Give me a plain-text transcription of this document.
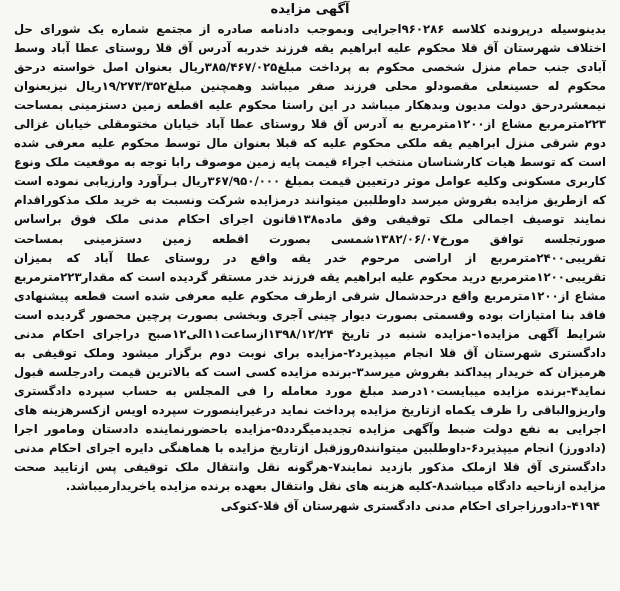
آگهی مزایده

بدینوسیله درپرونده کلاسه ۹۶۰۲۸۶اجرایی وبموجب دادنامه صادره از مجتمع شماره یک شورای حل اختلاف شهرستان آق قلا محکوم علیه ابراهیم یقه فرزند خدربه آدرس آق قلا روستای عطا آباد وسط آبادی جنب حمام منزل شخصی محکوم به پرداخت مبلغ۳۸۵/۴۶۷/۰۲۵ریال بعنوان اصل خواسته درحق محکوم له حسینعلی مقصودلو محلی فرزند صفر میباشد وهمچنین مبلغ۱۹/۲۷۳/۳۵۲ریال نیزبعنوان نیمعشردرحق دولت مدیون وبدهکار میباشد در این راستا محکوم علیه اقطعه زمین دستزمینی بمساحت ۲۲۳مترمربع مشاع از۱۲۰۰مترمربع به آدرس آق قلا روستای عطا آباد خیابان مختومقلی خیابان غزالی دوم شرقی منزل ابراهیم یقه ملکی محکوم علیه که قبلا بعنوان مال توسط محکوم علیه معرفی شده است که توسط هیات کارشناسان منتخب اجراء قیمت پایه زمین موصوف رابا توجه به موقعیت ملک ونوع کاربری مسکونی وکلیه عوامل موثر درتعیین قیمت بمبلغ ۳۶۷/۹۵۰/۰۰۰ریال بـرآورد وارزیابی نموده است که ازطریق مزایده بفروش میرسد داوطلبین میتوانند درمزایده شرکت ونسبت به خرید ملک مذکوراقدام نمایند توصیف اجمالی ملک توقیفی وفق ماده۱۳۸قانون اجرای احکام مدنی ملک فوق براساس صورتجلسه توافق مورخ۱۳۸۲/۰۶/۰۷شمسی بصورت اقطعه زمین دستزمینی بمساحت تقریبی۲۴۰۰مترمربع از اراضی مرحوم خدر یقه واقع در روستای عطا آباد که بمیزان تقریبی۱۲۰۰مترمربع درید محکوم علیه ابراهیم یقه فرزند خدر مستقر گردیده است که مقدار۲۲۳مترمربع مشاع از۱۲۰۰مترمربع واقع درحدشمال شرقی ازطرف محکوم علیه معرفی شده است قطعه پیشنهادی فاقد بنا امتیازات بوده وقسمتی بصورت دیوار چینی آجری وبخشی بصورت پرچین محصور گردیده است شرایط آگهی مزایده۱-مزایده شنبه در تاریخ ۱۳۹۸/۱۲/۲۴ازساعت۱۱الی۱۲صبح دراجرای احکام مدنی دادگستری شهرستان آق قلا انجام میپذیرد۲-مزایده برای نوبت دوم برگزار میشود وملک توقیفی به هرمیزان که خریدار پیداکند بفروش میرسد۳-برنده مزایده کسی است که بالاترین قیمت رادرجلسه قبول نماید۴-برنده مزایده میبایست۱۰درصد مبلغ مورد معامله را فی المجلس به حساب سپرده دادگستری واریزوالباقی را ظرف یکماه ازتاریخ مزایده پرداخت نماید درغیراینصورت سپرده اویس ازکسرهزینه های اجرایی به نفع دولت ضبط وآگهی مزایده تجدیدمیگردد۵-مزایده باحضورنماینده دادستان ومامور اجرا (دادورز) انجام میپذیرد۶-داوطلبین میتوانند۵روزقبل ازتاریخ مزایده با هماهنگی دایره اجرای احکام مدنی دادگستری آق قلا ازملک مذکور بازدید نمایند۷-هرگونه نقل وانتقال ملک توقیفی پس ازتایید صحت مزایده ازناحیه دادگاه میباشد۸-کلیه هزینه های نقل وانتقال بعهده برنده مزایده یاخریدارمیباشد.

۴۱۹۴-دادورزاجرای احکام مدنی دادگستری شهرستان آق قلا-کتوکی
